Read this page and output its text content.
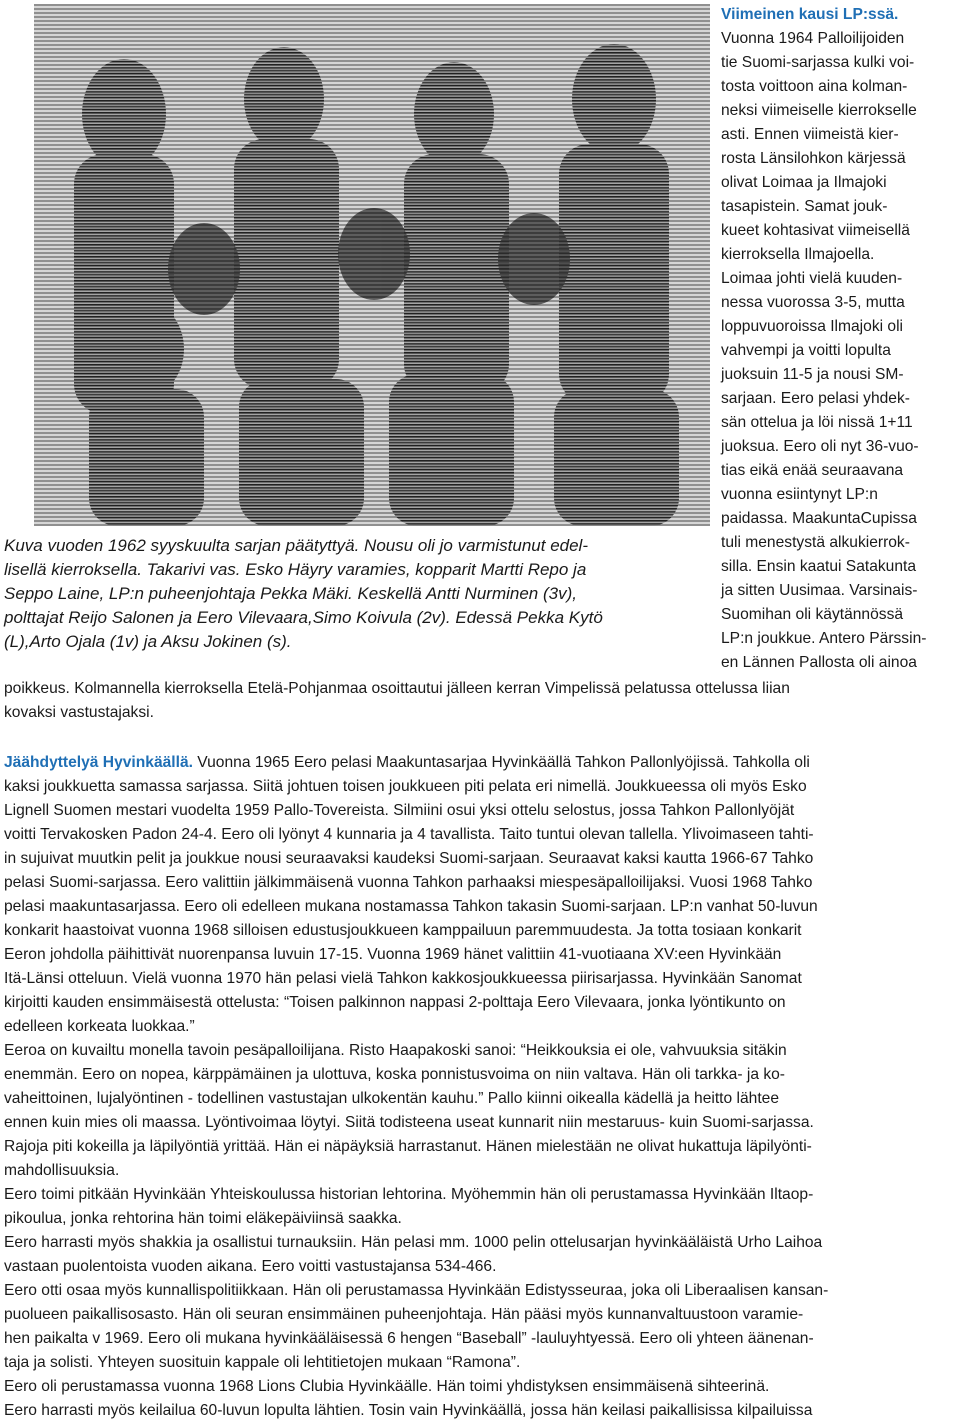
Viimeinen kausi LP:ssä.
Vuonna 1964 Palloilijoiden
tie Suomi-sarjassa kulki voi-
tosta voittoon aina kolman-
neksi viimeiselle kierrokselle
asti. Ennen viimeistä kier-
rosta Länsilohkon kärjessä
olivat Loimaa ja Ilmajoki
tasapistein. Samat jouk-
kueet kohtasivat viimeisellä
kierroksella Ilmajoella.
Loimaa johti vielä kuuden-
nessa vuorossa 3-5, mutta
loppuvuoroissa Ilmajoki oli
vahvempi ja voitti lopulta
juoksuin 11-5 ja nousi SM-
sarjaan. Eero pelasi yhdek-
sän ottelua ja löi nissä 1+11
juoksua. Eero oli nyt 36-vuo-
tias eikä enää seuraavana
vuonna esiintynyt LP:n
paidassa. MaakuntaCupissa
tuli menestystä alkukierrok-
silla. Ensin kaatui Satakunta
ja sitten Uusimaa. Varsinais-
Suomihan oli käytännössä
LP:n joukkue. Antero Pärssin-
en Lännen Pallosta oli ainoa
Kuva vuoden 1962 syyskuulta sarjan päätyttyä. Nousu oli jo varmistunut edel-
lisellä kierroksella. Takarivi vas. Esko Häyry varamies, kopparit Martti Repo ja
Seppo Laine, LP:n puheenjohtaja Pekka Mäki. Keskellä Antti Nurminen (3v),
polttajat Reijo Salonen ja Eero Vilevaara,Simo Koivula (2v). Edessä Pekka Kytö
(L),Arto Ojala (1v) ja Aksu Jokinen (s).
poikkeus. Kolmannella kierroksella Etelä-Pohjanmaa osoittautui jälleen kerran Vimpelissä pelatussa ottelussa liian
kovaksi vastustajaksi.
Jäähdyttelyä Hyvinkäällä. Vuonna 1965 Eero pelasi Maakuntasarjaa Hyvinkäällä Tahkon Pallonlyöjissä. Tahkolla oli
kaksi joukkuetta samassa sarjassa. Siitä johtuen toisen joukkueen piti pelata eri nimellä. Joukkueessa oli myös Esko
Lignell Suomen mestari vuodelta 1959 Pallo-Tovereista. Silmiini osui yksi ottelu selostus, jossa Tahkon Pallonlyöjät
voitti Tervakosken Padon 24-4. Eero oli lyönyt 4 kunnaria ja 4 tavallista. Taito tuntui olevan tallella. Ylivoimaseen tahti-
in sujuivat muutkin pelit ja joukkue nousi seuraavaksi kaudeksi Suomi-sarjaan. Seuraavat kaksi kautta 1966-67 Tahko
pelasi Suomi-sarjassa. Eero valittiin jälkimmäisenä vuonna Tahkon parhaaksi miespesäpalloilijaksi. Vuosi 1968 Tahko
pelasi maakuntasarjassa. Eero oli edelleen mukana nostamassa Tahkon takasin Suomi-sarjaan. LP:n vanhat 50-luvun
konkarit haastoivat vuonna 1968 silloisen edustusjoukkueen kamppailuun paremmuudesta. Ja totta tosiaan konkarit
Eeron johdolla päihittivät nuorenpansa luvuin 17-15. Vuonna 1969 hänet valittiin 41-vuotiaana XV:een Hyvinkään
Itä-Länsi otteluun. Vielä vuonna 1970 hän pelasi vielä Tahkon kakkosjoukkueessa piirisarjassa. Hyvinkään Sanomat
kirjoitti kauden ensimmäisestä ottelusta: “Toisen palkinnon nappasi 2-polttaja Eero Vilevaara, jonka lyöntikunto on
edelleen korkeata luokkaa.”
Eeroa on kuvailtu monella tavoin pesäpalloilijana. Risto Haapakoski sanoi: “Heikkouksia ei ole, vahvuuksia sitäkin
enemmän. Eero on nopea, kärppämäinen ja ulottuva, koska ponnistusvoima on niin valtava. Hän oli tarkka- ja ko-
vaheittoinen, lujalyöntinen - todellinen vastustajan ulkokentän kauhu.” Pallo kiinni oikealla kädellä ja heitto lähtee
ennen kuin mies oli maassa. Lyöntivoimaa löytyi. Siitä todisteena useat kunnarit niin mestaruus- kuin Suomi-sarjassa.
Rajoja piti kokeilla ja läpilyöntiä yrittää. Hän ei näpäyksiä harrastanut. Hänen mielestään ne olivat hukattuja läpilyönti-
mahdollisuuksia.
Eero toimi pitkään Hyvinkään Yhteiskoulussa historian lehtorina. Myöhemmin hän oli perustamassa Hyvinkään Iltaop-
pikoulua, jonka rehtorina hän toimi eläkepäiviinsä saakka.
Eero harrasti myös shakkia ja osallistui turnauksiin. Hän pelasi mm. 1000 pelin ottelusarjan hyvinkääläistä Urho Laihoa
vastaan puolentoista vuoden aikana. Eero voitti vastustajansa 534-466.
Eero otti osaa myös kunnallispolitiikkaan. Hän oli perustamassa Hyvinkään Edistysseuraa, joka oli Liberaalisen kansan-
puolueen paikallisosasto. Hän oli seuran ensimmäinen puheenjohtaja. Hän pääsi myös kunnanvaltuustoon varamie-
hen paikalta v 1969. Eero oli mukana hyvinkääläisessä 6 hengen “Baseball” -lauluyhtyessä. Eero oli yhteen äänenan-
taja ja solisti. Yhteyen suosituin kappale oli lehtitietojen mukaan “Ramona”.
Eero oli perustamassa vuonna 1968 Lions Clubia Hyvinkäälle. Hän toimi yhdistyksen ensimmäisenä sihteerinä.
Eero harrasti myös keilailua 60-luvun lopulta lähtien. Tosin vain Hyvinkäällä, jossa hän keilasi paikallisissa kilpailuissa
